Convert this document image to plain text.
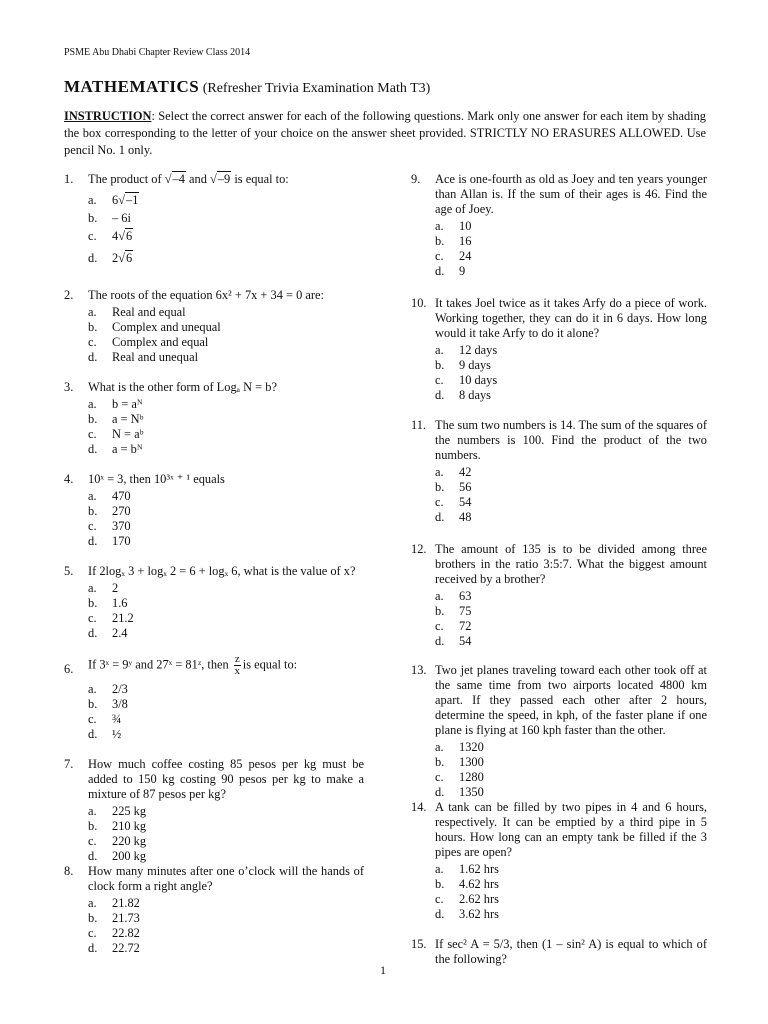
PSME Abu Dhabi Chapter Review Class 2014
MATHEMATICS (Refresher Trivia Examination Math T3)
INSTRUCTION: Select the correct answer for each of the following questions. Mark only one answer for each item by shading the box corresponding to the letter of your choice on the answer sheet provided. STRICTLY NO ERASURES ALLOWED. Use pencil No. 1 only.
1. The product of √–4 and √–9 is equal to:
a. 6√–1
b. – 6i
c. 4√6
d. 2√6
2. The roots of the equation 6x² + 7x + 34 = 0 are:
a. Real and equal
b. Complex and unequal
c. Complex and equal
d. Real and unequal
3. What is the other form of Logₐ N = b?
a. b = aᴺ
b. a = Nᵇ
c. N = aᵇ
d. a = bᴺ
4. 10ˣ = 3, then 10³ˣ ⁺ ¹ equals
a. 470
b. 270
c. 370
d. 170
5. If 2logₓ 3 + logₓ 2 = 6 + logₓ 6, what is the value of x?
a. 2
b. 1.6
c. 21.2
d. 2.4
6. If 3ˣ = 9ʸ and 27ˣ = 81ᶻ, then $\frac{z}{x}$ is equal to:
a. 2/3
b. 3/8
c. ¾
d. ½
7. How much coffee costing 85 pesos per kg must be added to 150 kg costing 90 pesos per kg to make a mixture of 87 pesos per kg?
a. 225 kg
b. 210 kg
c. 220 kg
d. 200 kg
8. How many minutes after one o’clock will the hands of clock form a right angle?
a. 21.82
b. 21.73
c. 22.82
d. 22.72
9. Ace is one-fourth as old as Joey and ten years younger than Allan is. If the sum of their ages is 46. Find the age of Joey.
a. 10
b. 16
c. 24
d. 9
10. It takes Joel twice as it takes Arfy do a piece of work. Working together, they can do it in 6 days. How long would it take Arfy to do it alone?
a. 12 days
b. 9 days
c. 10 days
d. 8 days
11. The sum two numbers is 14. The sum of the squares of the numbers is 100. Find the product of the two numbers.
a. 42
b. 56
c. 54
d. 48
12. The amount of 135 is to be divided among three brothers in the ratio 3:5:7. What the biggest amount received by a brother?
a. 63
b. 75
c. 72
d. 54
13. Two jet planes traveling toward each other took off at the same time from two airports located 4800 km apart. If they passed each other after 2 hours, determine the speed, in kph, of the faster plane if one plane is flying at 160 kph faster than the other.
a. 1320
b. 1300
c. 1280
d. 1350
14. A tank can be filled by two pipes in 4 and 6 hours, respectively. It can be emptied by a third pipe in 5 hours. How long can an empty tank be filled if the 3 pipes are open?
a. 1.62 hrs
b. 4.62 hrs
c. 2.62 hrs
d. 3.62 hrs
15. If sec² A = 5/3, then (1 – sin² A) is equal to which of the following?
1
